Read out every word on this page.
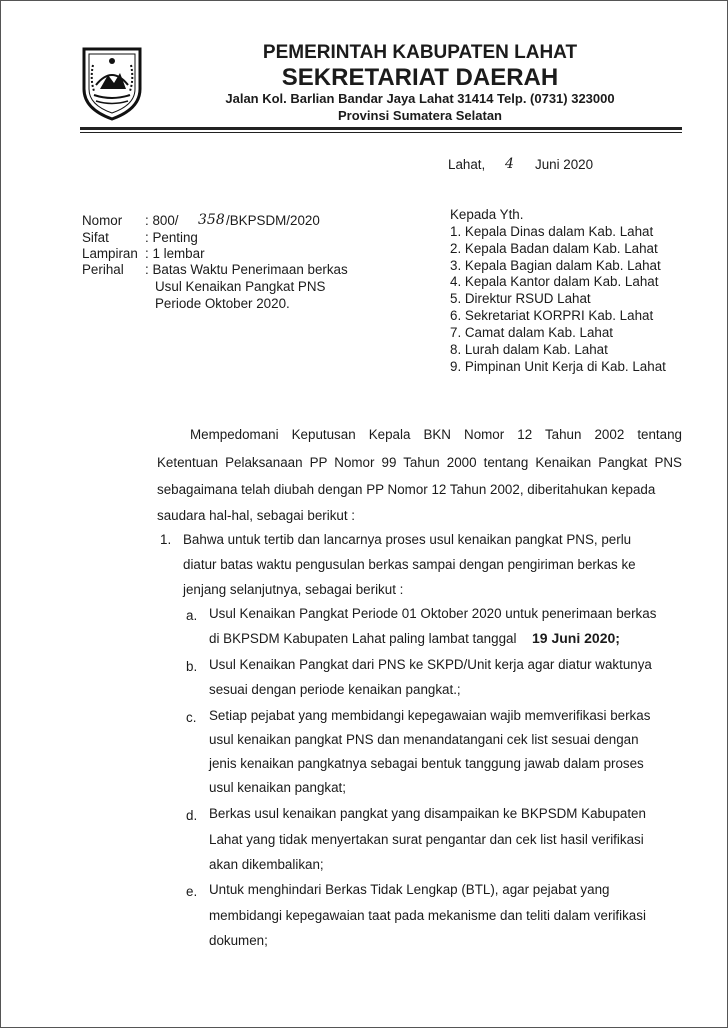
PEMERINTAH KABUPATEN LAHAT
SEKRETARIAT DAERAH
Jalan Kol. Barlian Bandar Jaya Lahat 31414 Telp. (0731) 323000
Provinsi Sumatera Selatan
Lahat, 4 Juni 2020
Nomor : 800/ 358 /BKPSDM/2020
Sifat	: Penting
Lampiran : 1 lembar
Perihal : Batas Waktu Penerimaan berkas
Usul Kenaikan Pangkat PNS
Periode Oktober 2020.
Kepada Yth.
1. Kepala Dinas dalam Kab. Lahat
2. Kepala Badan dalam Kab. Lahat
3. Kepala Bagian dalam Kab. Lahat
4. Kepala Kantor dalam Kab. Lahat
5. Direktur RSUD Lahat
6. Sekretariat KORPRI Kab. Lahat
7. Camat dalam Kab. Lahat
8. Lurah dalam Kab. Lahat
9. Pimpinan Unit Kerja di Kab. Lahat
Mempedomani Keputusan Kepala BKN Nomor 12 Tahun 2002 tentang
Ketentuan Pelaksanaan PP Nomor 99 Tahun 2000 tentang Kenaikan Pangkat PNS
sebagaimana telah diubah dengan PP Nomor 12 Tahun 2002, diberitahukan kepada
saudara hal-hal, sebagai berikut :
1. Bahwa untuk tertib dan lancarnya proses usul kenaikan pangkat PNS, perlu
diatur batas waktu pengusulan berkas sampai dengan pengiriman berkas ke
jenjang selanjutnya, sebagai berikut :
a. Usul Kenaikan Pangkat Periode 01 Oktober 2020 untuk penerimaan berkas
di BKPSDM Kabupaten Lahat paling lambat tanggal 19 Juni 2020;
b. Usul Kenaikan Pangkat dari PNS ke SKPD/Unit kerja agar diatur waktunya
sesuai dengan periode kenaikan pangkat.;
c. Setiap pejabat yang membidangi kepegawaian wajib memverifikasi berkas
usul kenaikan pangkat PNS dan menandatangani cek list sesuai dengan
jenis kenaikan pangkatnya sebagai bentuk tanggung jawab dalam proses
usul kenaikan pangkat;
d. Berkas usul kenaikan pangkat yang disampaikan ke BKPSDM Kabupaten
Lahat yang tidak menyertakan surat pengantar dan cek list hasil verifikasi
akan dikembalikan;
e. Untuk menghindari Berkas Tidak Lengkap (BTL), agar pejabat yang
membidangi kepegawaian taat pada mekanisme dan teliti dalam verifikasi
dokumen;
